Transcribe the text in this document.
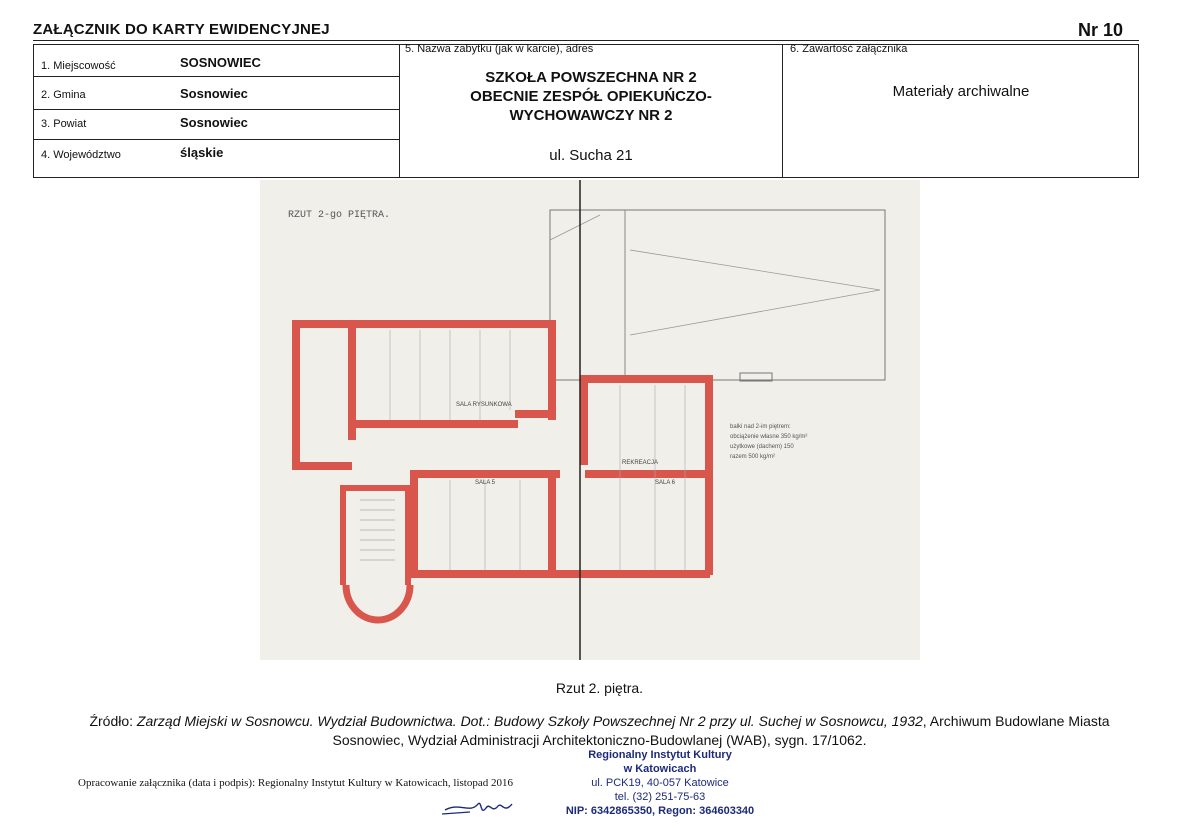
ZAŁĄCZNIK DO KARTY EWIDENCYJNEJ	Nr 10
1. Miejscowość	SOSNOWIEC
2. Gmina	Sosnowiec
3. Powiat	Sosnowiec
4. Województwo	śląskie
5. Nazwa zabytku (jak w karcie), adres
SZKOŁA POWSZECHNA NR 2
OBECNIE ZESPÓŁ OPIEKUŃCZO-
WYCHOWAWCZY NR 2
ul. Sucha 21
6. Zawartość załącznika
Materiały archiwalne
RZUT 2-go PIĘTRA.
SALA RYSUNKOWA
SALA 5
REKREACJA
SALA 6
balki nad 2-im piętrem:
obciążenie własne 350 kg/m²
użytkowe (dachem) 150
razem 500 kg/m²
Rzut 2. piętra.
Źródło: Zarząd Miejski w Sosnowcu. Wydział Budownictwa. Dot.: Budowy Szkoły Powszechnej Nr 2 przy ul. Suchej w Sosnowcu, 1932, Archiwum Budowlane Miasta Sosnowiec, Wydział Administracji Architektoniczno-Budowlanej (WAB), sygn. 17/1062.
Opracowanie załącznika (data i podpis): Regionalny Instytut Kultury w Katowicach, listopad 2016
Regionalny Instytut Kultury
w Katowicach
ul. PCK19, 40-057 Katowice
tel. (32) 251-75-63
NIP: 6342865350, Regon: 364603340
